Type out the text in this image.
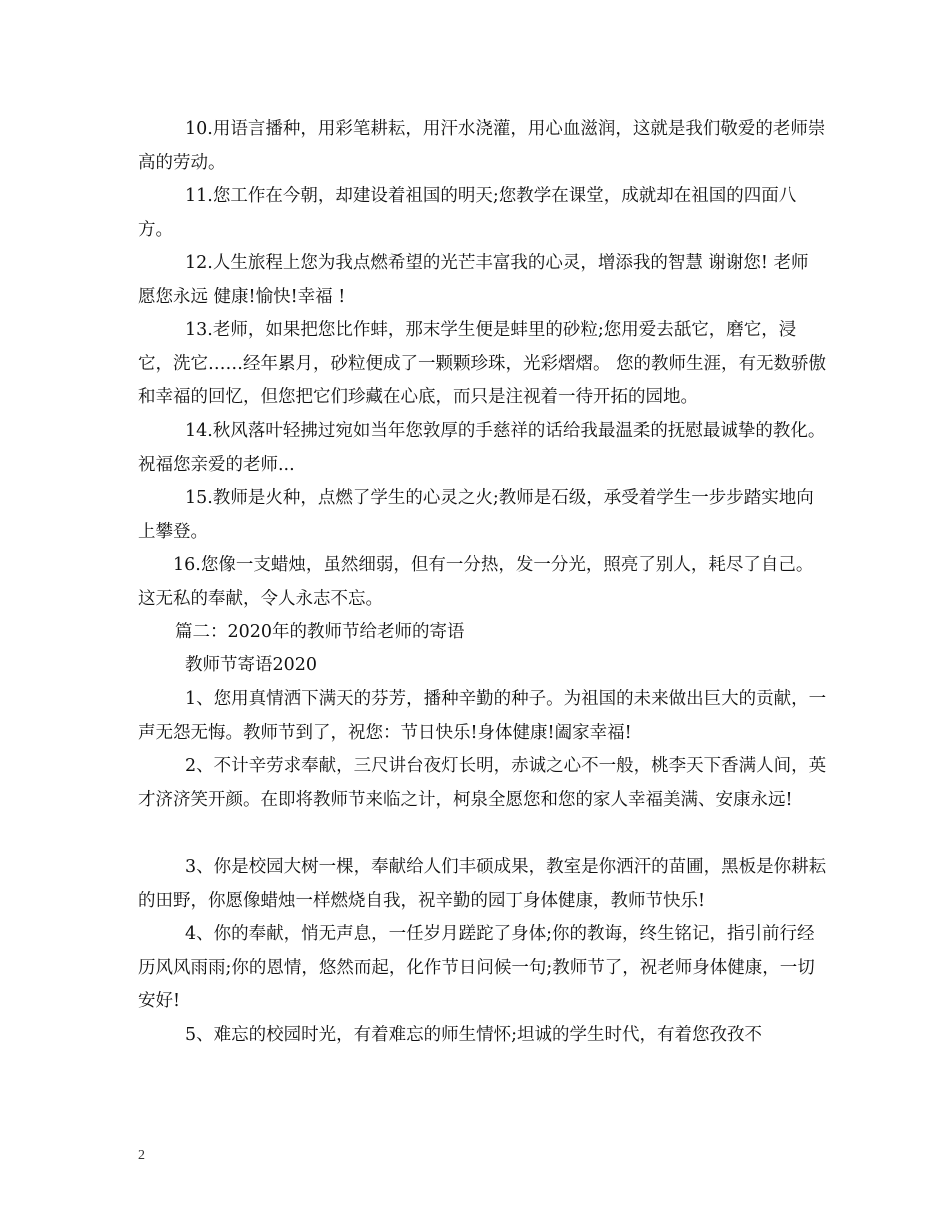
10.用语言播种，用彩笔耕耘，用汗水浇灌，用心血滋润，这就是我们敬爱的老师崇高的劳动。

11.您工作在今朝，却建设着祖国的明天;您教学在课堂，成就却在祖国的四面八方。

12.人生旅程上您为我点燃希望的光芒丰富我的心灵，增添我的智慧 谢谢您! 老师 愿您永远 健康!愉快!幸福 !

13.老师，如果把您比作蚌，那末学生便是蚌里的砂粒;您用爱去舐它，磨它，浸它，洗它……经年累月，砂粒便成了一颗颗珍珠，光彩熠熠。 您的教师生涯，有无数骄傲和幸福的回忆，但您把它们珍藏在心底，而只是注视着一待开拓的园地。

14.秋风落叶轻拂过宛如当年您敦厚的手慈祥的话给我最温柔的抚慰最诚挚的教化。祝福您亲爱的老师...

15.教师是火种，点燃了学生的心灵之火;教师是石级，承受着学生一步步踏实地向上攀登。

16.您像一支蜡烛，虽然细弱，但有一分热，发一分光，照亮了别人，耗尽了自己。这无私的奉献，令人永志不忘。

篇二：2020年的教师节给老师的寄语

教师节寄语2020

1、您用真情洒下满天的芬芳，播种辛勤的种子。为祖国的未来做出巨大的贡献，一声无怨无悔。教师节到了，祝您：节日快乐!身体健康!阖家幸福!

2、不计辛劳求奉献，三尺讲台夜灯长明，赤诚之心不一般，桃李天下香满人间，英才济济笑开颜。在即将教师节来临之计，柯泉全愿您和您的家人幸福美满、安康永远!

3、你是校园大树一棵，奉献给人们丰硕成果，教室是你洒汗的苗圃，黑板是你耕耘的田野，你愿像蜡烛一样燃烧自我，祝辛勤的园丁身体健康，教师节快乐!

4、你的奉献，悄无声息，一任岁月蹉跎了身体;你的教诲，终生铭记，指引前行经历风风雨雨;你的恩情，悠然而起，化作节日问候一句;教师节了，祝老师身体健康，一切安好!

5、难忘的校园时光，有着难忘的师生情怀;坦诚的学生时代，有着您孜孜不

2
